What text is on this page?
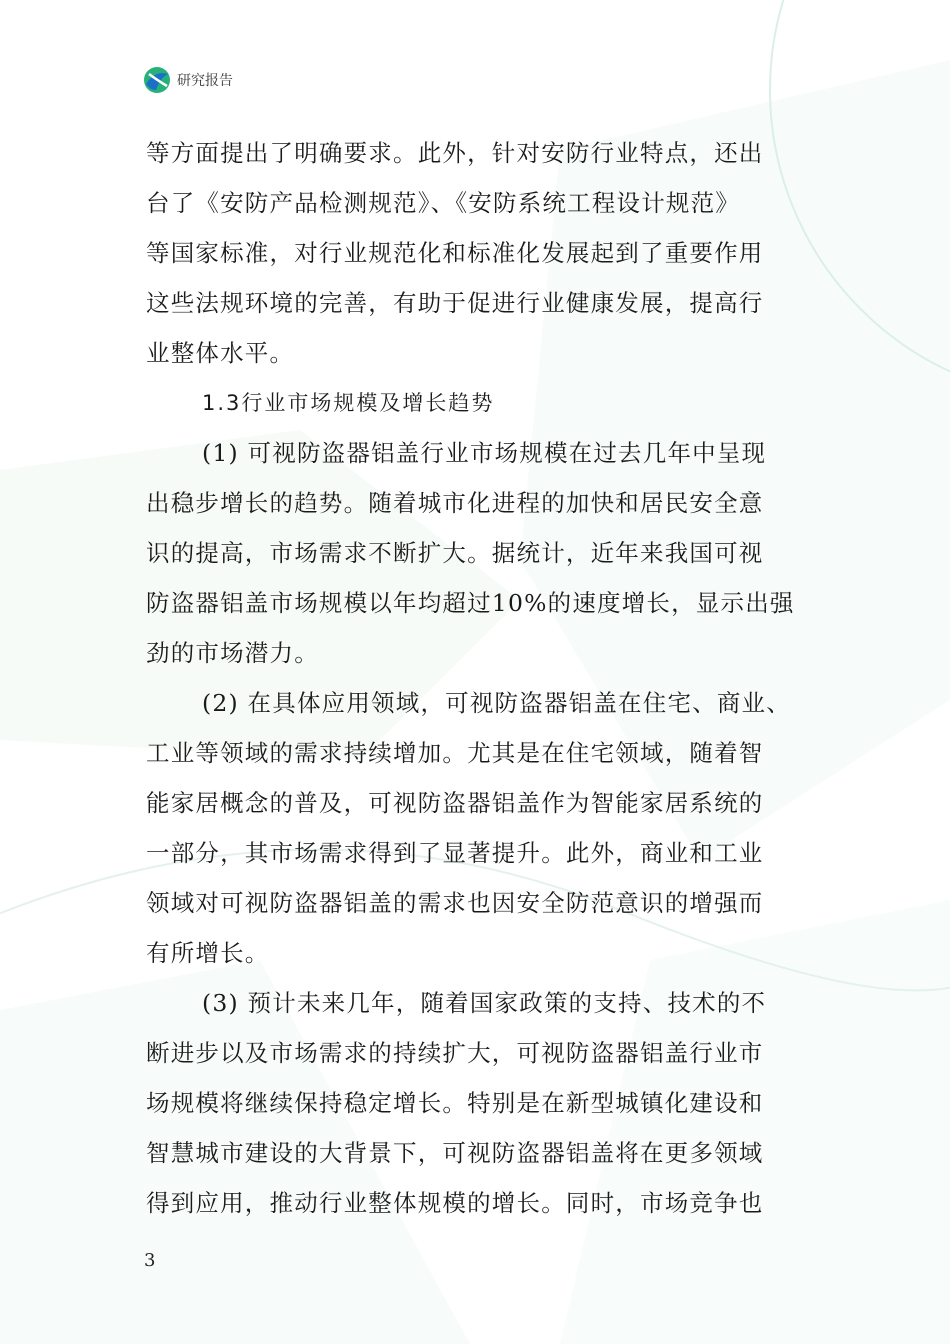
研究报告
等方面提出了明确要求。此外，针对安防行业特点，还出
台了《安防产品检测规范》、《安防系统工程设计规范》
等国家标准，对行业规范化和标准化发展起到了重要作用
这些法规环境的完善，有助于促进行业健康发展，提高行
业整体水平。
1.3行业市场规模及增长趋势
(1) 可视防盗器铝盖行业市场规模在过去几年中呈现
出稳步增长的趋势。随着城市化进程的加快和居民安全意
识的提高，市场需求不断扩大。据统计，近年来我国可视
防盗器铝盖市场规模以年均超过10%的速度增长，显示出强
劲的市场潜力。
(2) 在具体应用领域，可视防盗器铝盖在住宅、商业、
工业等领域的需求持续增加。尤其是在住宅领域，随着智
能家居概念的普及，可视防盗器铝盖作为智能家居系统的
一部分，其市场需求得到了显著提升。此外，商业和工业
领域对可视防盗器铝盖的需求也因安全防范意识的增强而
有所增长。
(3) 预计未来几年，随着国家政策的支持、技术的不
断进步以及市场需求的持续扩大，可视防盗器铝盖行业市
场规模将继续保持稳定增长。特别是在新型城镇化建设和
智慧城市建设的大背景下，可视防盗器铝盖将在更多领域
得到应用，推动行业整体规模的增长。同时，市场竞争也
3
